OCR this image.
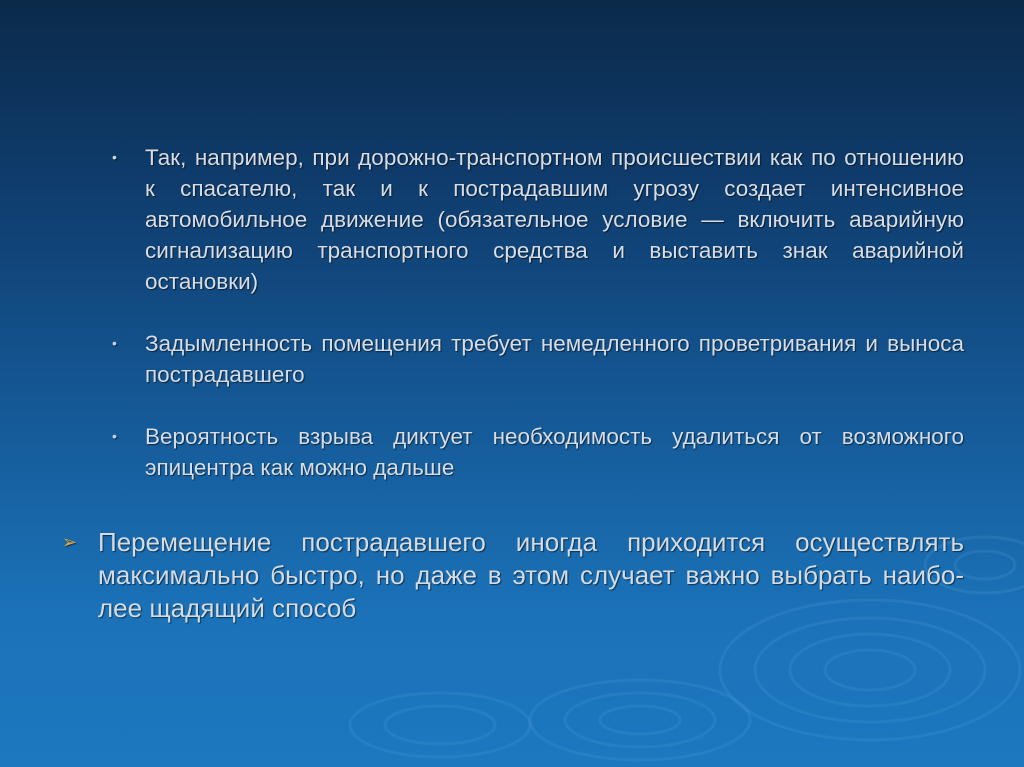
• Так, например, при дорожно-транспортном происшествии как по отношению к спасателю, так и к пострадавшим угрозу создает интенсивное автомобильное движение (обязательное условие — включить аварийную сигнализацию транспортного средства и выставить знак аварийной остановки)
• Задымленность помещения требует немедленного проветривания и выноса пострадавшего
• Вероятность взрыва диктует необходимость удалиться от возможного эпицентра как можно дальше
➢ Перемещение пострадавшего иногда приходится осуществлять максимально быстро, но даже в этом случает важно выбрать наиболее щадящий способ
